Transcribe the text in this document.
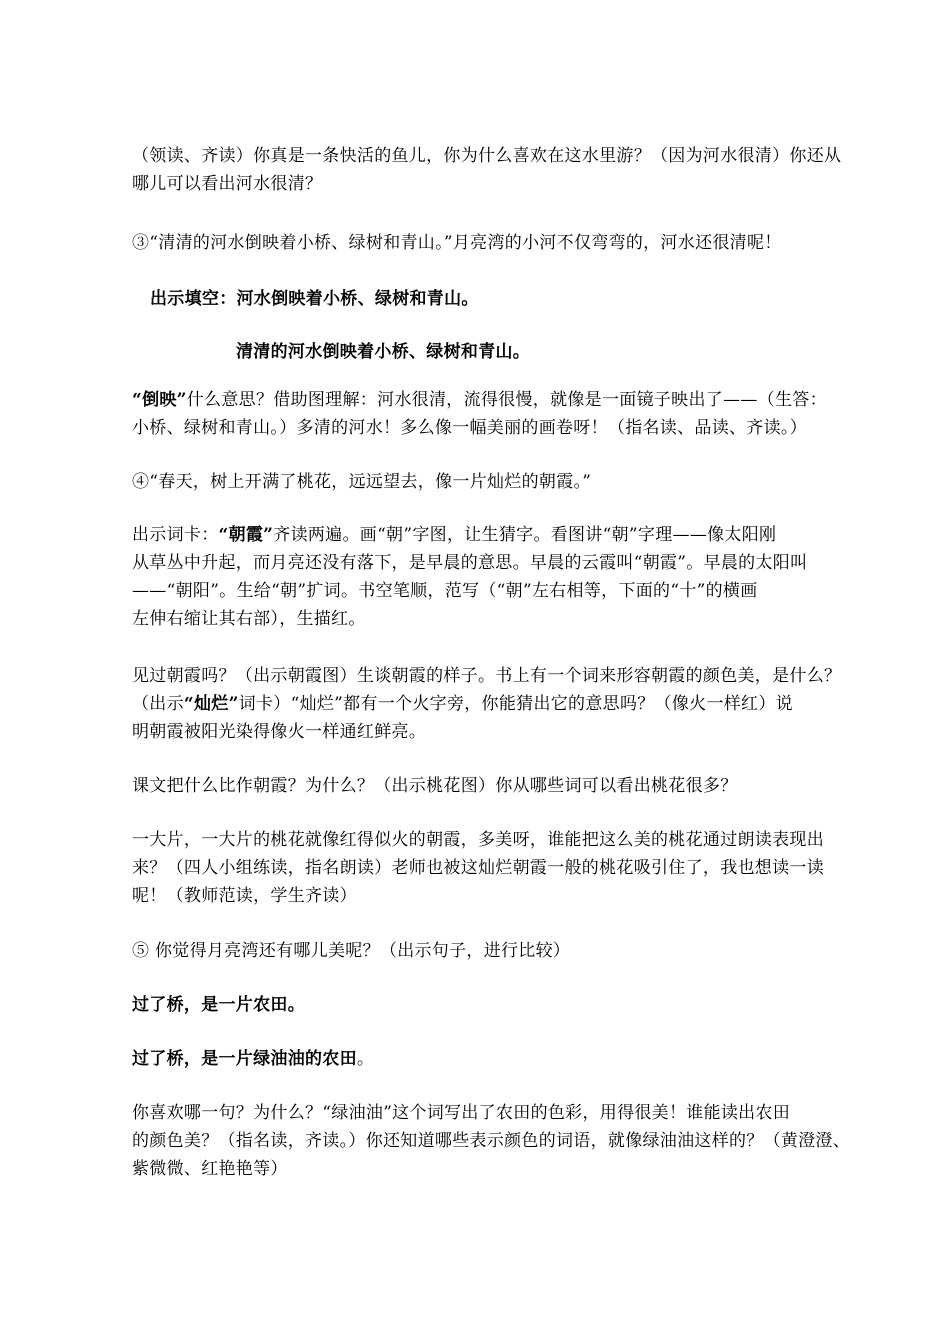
（领读、齐读）你真是一条快活的鱼儿，你为什么喜欢在这水里游？（因为河水很清）你还从
哪儿可以看出河水很清？
③“清清的河水倒映着小桥、绿树和青山。”月亮湾的小河不仅弯弯的，河水还很清呢！
出示填空：河水倒映着小桥、绿树和青山。
清清的河水倒映着小桥、绿树和青山。
“倒映”什么意思？借助图理解：河水很清，流得很慢，就像是一面镜子映出了——（生答：
小桥、绿树和青山。）多清的河水！多么像一幅美丽的画卷呀！（指名读、品读、齐读。）
④“春天，树上开满了桃花，远远望去，像一片灿烂的朝霞。”
出示词卡：“朝霞”齐读两遍。画“朝”字图，让生猜字。看图讲“朝”字理——像太阳刚
从草丛中升起，而月亮还没有落下，是早晨的意思。早晨的云霞叫“朝霞”。早晨的太阳叫
——“朝阳”。生给“朝”扩词。书空笔顺，范写（“朝”左右相等，下面的“十”的横画
左伸右缩让其右部），生描红。
见过朝霞吗？（出示朝霞图）生谈朝霞的样子。书上有一个词来形容朝霞的颜色美，是什么？
（出示“灿烂”词卡）“灿烂”都有一个火字旁，你能猜出它的意思吗？（像火一样红）说
明朝霞被阳光染得像火一样通红鲜亮。
课文把什么比作朝霞？为什么？（出示桃花图）你从哪些词可以看出桃花很多？
一大片，一大片的桃花就像红得似火的朝霞，多美呀，谁能把这么美的桃花通过朗读表现出
来？（四人小组练读，指名朗读）老师也被这灿烂朝霞一般的桃花吸引住了，我也想读一读
呢！（教师范读，学生齐读）
⑤ 你觉得月亮湾还有哪儿美呢？（出示句子，进行比较）
过了桥，是一片农田。
过了桥，是一片绿油油的农田。
你喜欢哪一句？为什么？“绿油油”这个词写出了农田的色彩，用得很美！谁能读出农田
的颜色美？（指名读，齐读。）你还知道哪些表示颜色的词语，就像绿油油这样的？（黄澄澄、
紫微微、红艳艳等）
